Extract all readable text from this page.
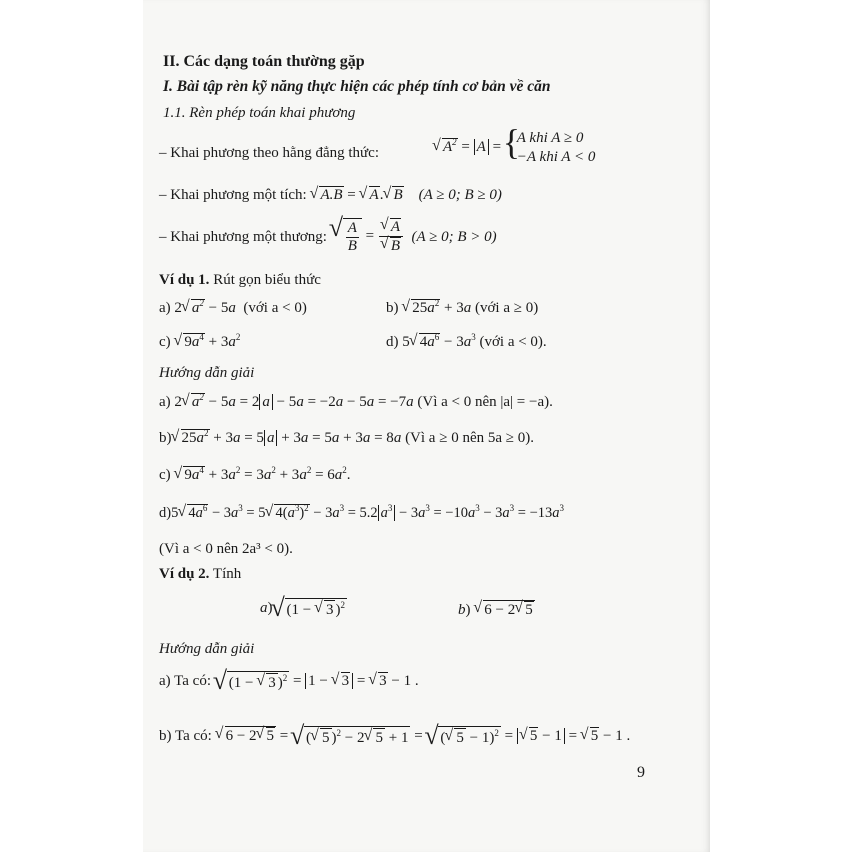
II. Các dạng toán thường gặp
I. Bài tập rèn kỹ năng thực hiện các phép tính cơ bản về căn
1.1. Rèn phép toán khai phương
– Khai phương theo hằng đẳng thức:
√	$A^2 = A$ =
{
A khi A ≥ 0
−A khi A < 0
– Khai phương một tích: √ A.B = √ A.√ B (A ≥ 0; B ≥ 0)
– Khai phương một thương:
√ $\frac{A}{B}$ =
√ A
√ B (A ≥ 0; B > 0)
Ví dụ 1. Rút gọn biểu thức
a) 2√ $a^2 - 5a$ (với a < 0)	b) √ $25a^2 + 3a$ (với a ≥ 0)
c) √ $9a^4 + 3a^2$	d) 5√ $4a^6 - 3a^3$ (với a < 0).
Hướng dẫn giải
a) 2√ $a^2 - 5a = 2$ a − 5a = −2a − 5a = −7a (Vì a < 0 nên |a| = −a).
b)√ $25a^2 + 3a = 5$ a + 3a = 5a + 3a = 8a (Vì a ≥ 0 nên 5a ≥ 0).
c) √ $9a^4 + 3a^2 = 3a^2 + 3a^2 = 6a^2$.
d)5√ $4a^6 - 3a^3 = 5√$ $4(a^3)^2 - 3a^3 = 5.2$ $a^3 - 3a^3 = -10a^3 - 3a^3 = -13a^3$
(Vì a < 0 nên 2a³ < 0).
Ví dụ 2. Tính
a)√ (1 − √ 3 )$^2$	b) √ 6 − 2√ 5
Hướng dẫn giải
a) Ta có: √ (1 − √ 3 )$^2$ = 1 − √ 3 = √ 3 − 1 .
b) Ta có: √ 6 − 2√ 5 = √ (√ 5 )$^2$ − 2√ 5 + 1 = √ (√ 5 − 1)$^2$ = √ 5 − 1 = √ 5 − 1 .
9
